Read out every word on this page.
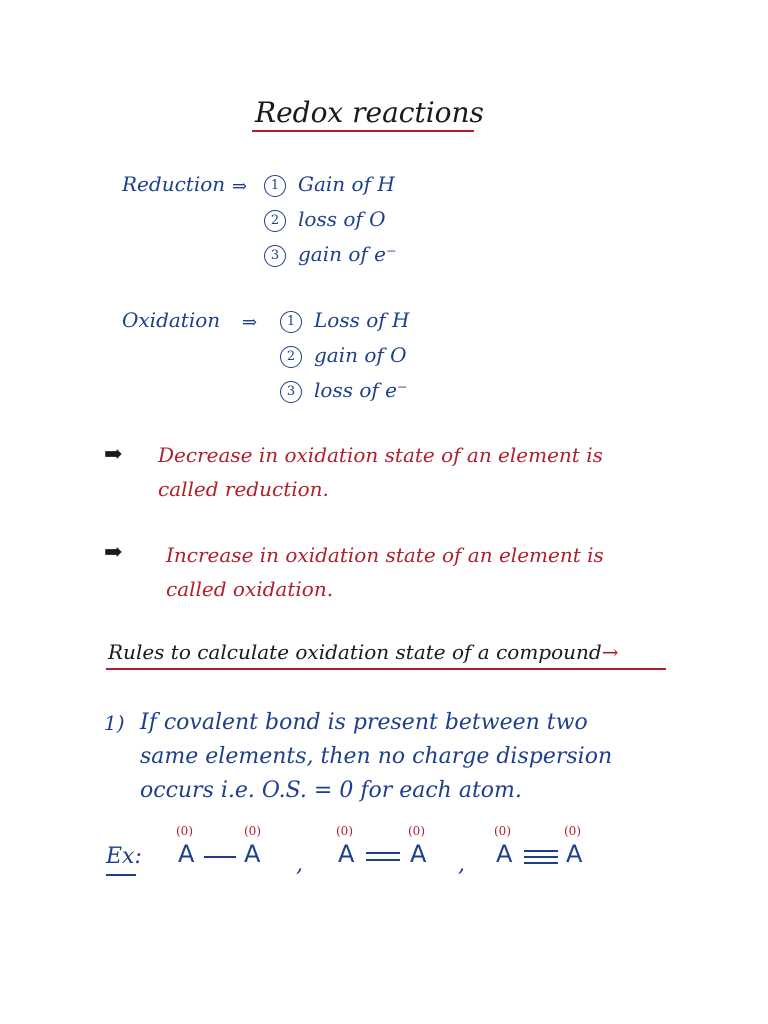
Redox reactions
Reduction ⇒	1 Gain of H
2 loss of O
3 gain of e⁻
Oxidation ⇒	1 Loss of H
2 gain of O
3 loss of e⁻
➡ Decrease in oxidation state of an element is
called reduction.
➡ Increase in oxidation state of an element is
called oxidation.
Rules to calculate oxidation state of a compound→
1) If covalent bond is present between two
same elements, then no charge dispersion
occurs i.e. O.S. = 0 for each atom.
Ex:
(0)
A
(0)
A ,
(0)
A
(0)
A ,
(0)
A
(0)
A
